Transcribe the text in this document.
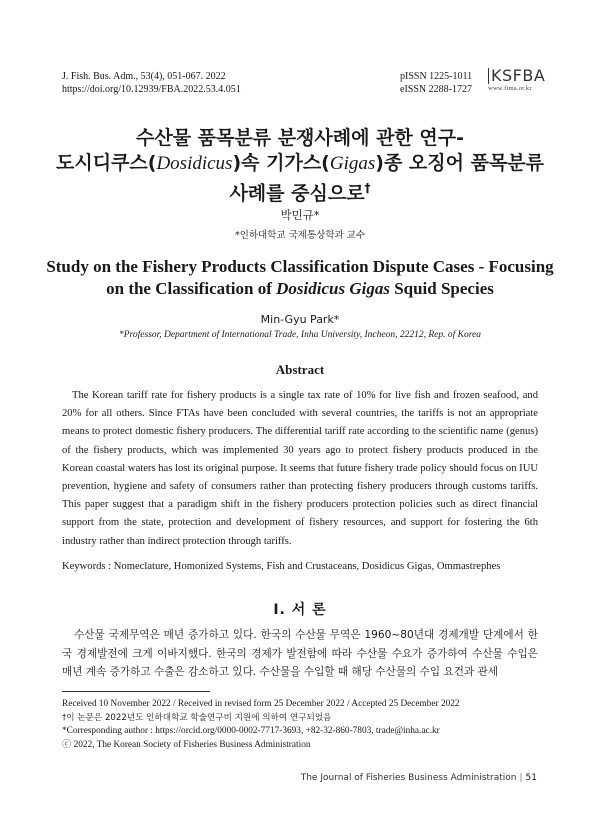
J. Fish. Bus. Adm., 53(4), 051-067. 2022
https://doi.org/10.12939/FBA.2022.53.4.051
pISSN 1225-1011
eISSN 2288-1727
KSFBA
www.fima.or.kr
수산물 품목분류 분쟁사례에 관한 연구-
도시디쿠스(Dosidicus)속 기가스(Gigas)종 오징어 품목분류
사례를 중심으로†
박민규*
*인하대학교 국제통상학과 교수
Study on the Fishery Products Classification Dispute Cases - Focusing
on the Classification of Dosidicus Gigas Squid Species
Min-Gyu Park*
*Professor, Department of International Trade, Inha University, Incheon, 22212, Rep. of Korea
Abstract

The Korean tariff rate for fishery products is a single tax rate of 10% for live fish and frozen seafood, and 20% for all others. Since FTAs have been concluded with several countries, the tariffs is not an appropriate means to protect domestic fishery producers. The differential tariff rate according to the scientific name (genus) of the fishery products, which was implemented 30 years ago to protect fishery products produced in the Korean coastal waters has lost its original purpose. It seems that future fishery trade policy should focus on IUU prevention, hygiene and safety of consumers rather than protecting fishery producers through customs tariffs. This paper suggest that a paradigm shift in the fishery producers protection policies such as direct financial support from the state, protection and development of fishery resources, and support for fostering the 6th industry rather than indirect protection through tariffs.

Keywords : Nomeclature, Homonized Systems, Fish and Crustaceans, Dosidicus Gigas, Ommastrephes
I. 서 론

수산물 국제무역은 매년 증가하고 있다. 한국의 수산물 무역은 1960~80년대 경제개발 단계에서 한국 경제발전에 크게 이바지했다. 한국의 경제가 발전함에 따라 수산물 수요가 증가하여 수산물 수입은 매년 계속 증가하고 수출은 감소하고 있다. 수산물을 수입할 때 해당 수산물의 수입 요건과 관세

Received 10 November 2022 / Received in revised form 25 December 2022 / Accepted 25 December 2022
†이 논문은 2022년도 인하대학교 학술연구비 지원에 의하여 연구되었음
*Corresponding author : https://orcid.org/0000-0002-7717-3693, +82-32-860-7803, trade@inha.ac.kr
ⓒ 2022, The Korean Society of Fisheries Business Administration
The Journal of Fisheries Business Administration | 51
